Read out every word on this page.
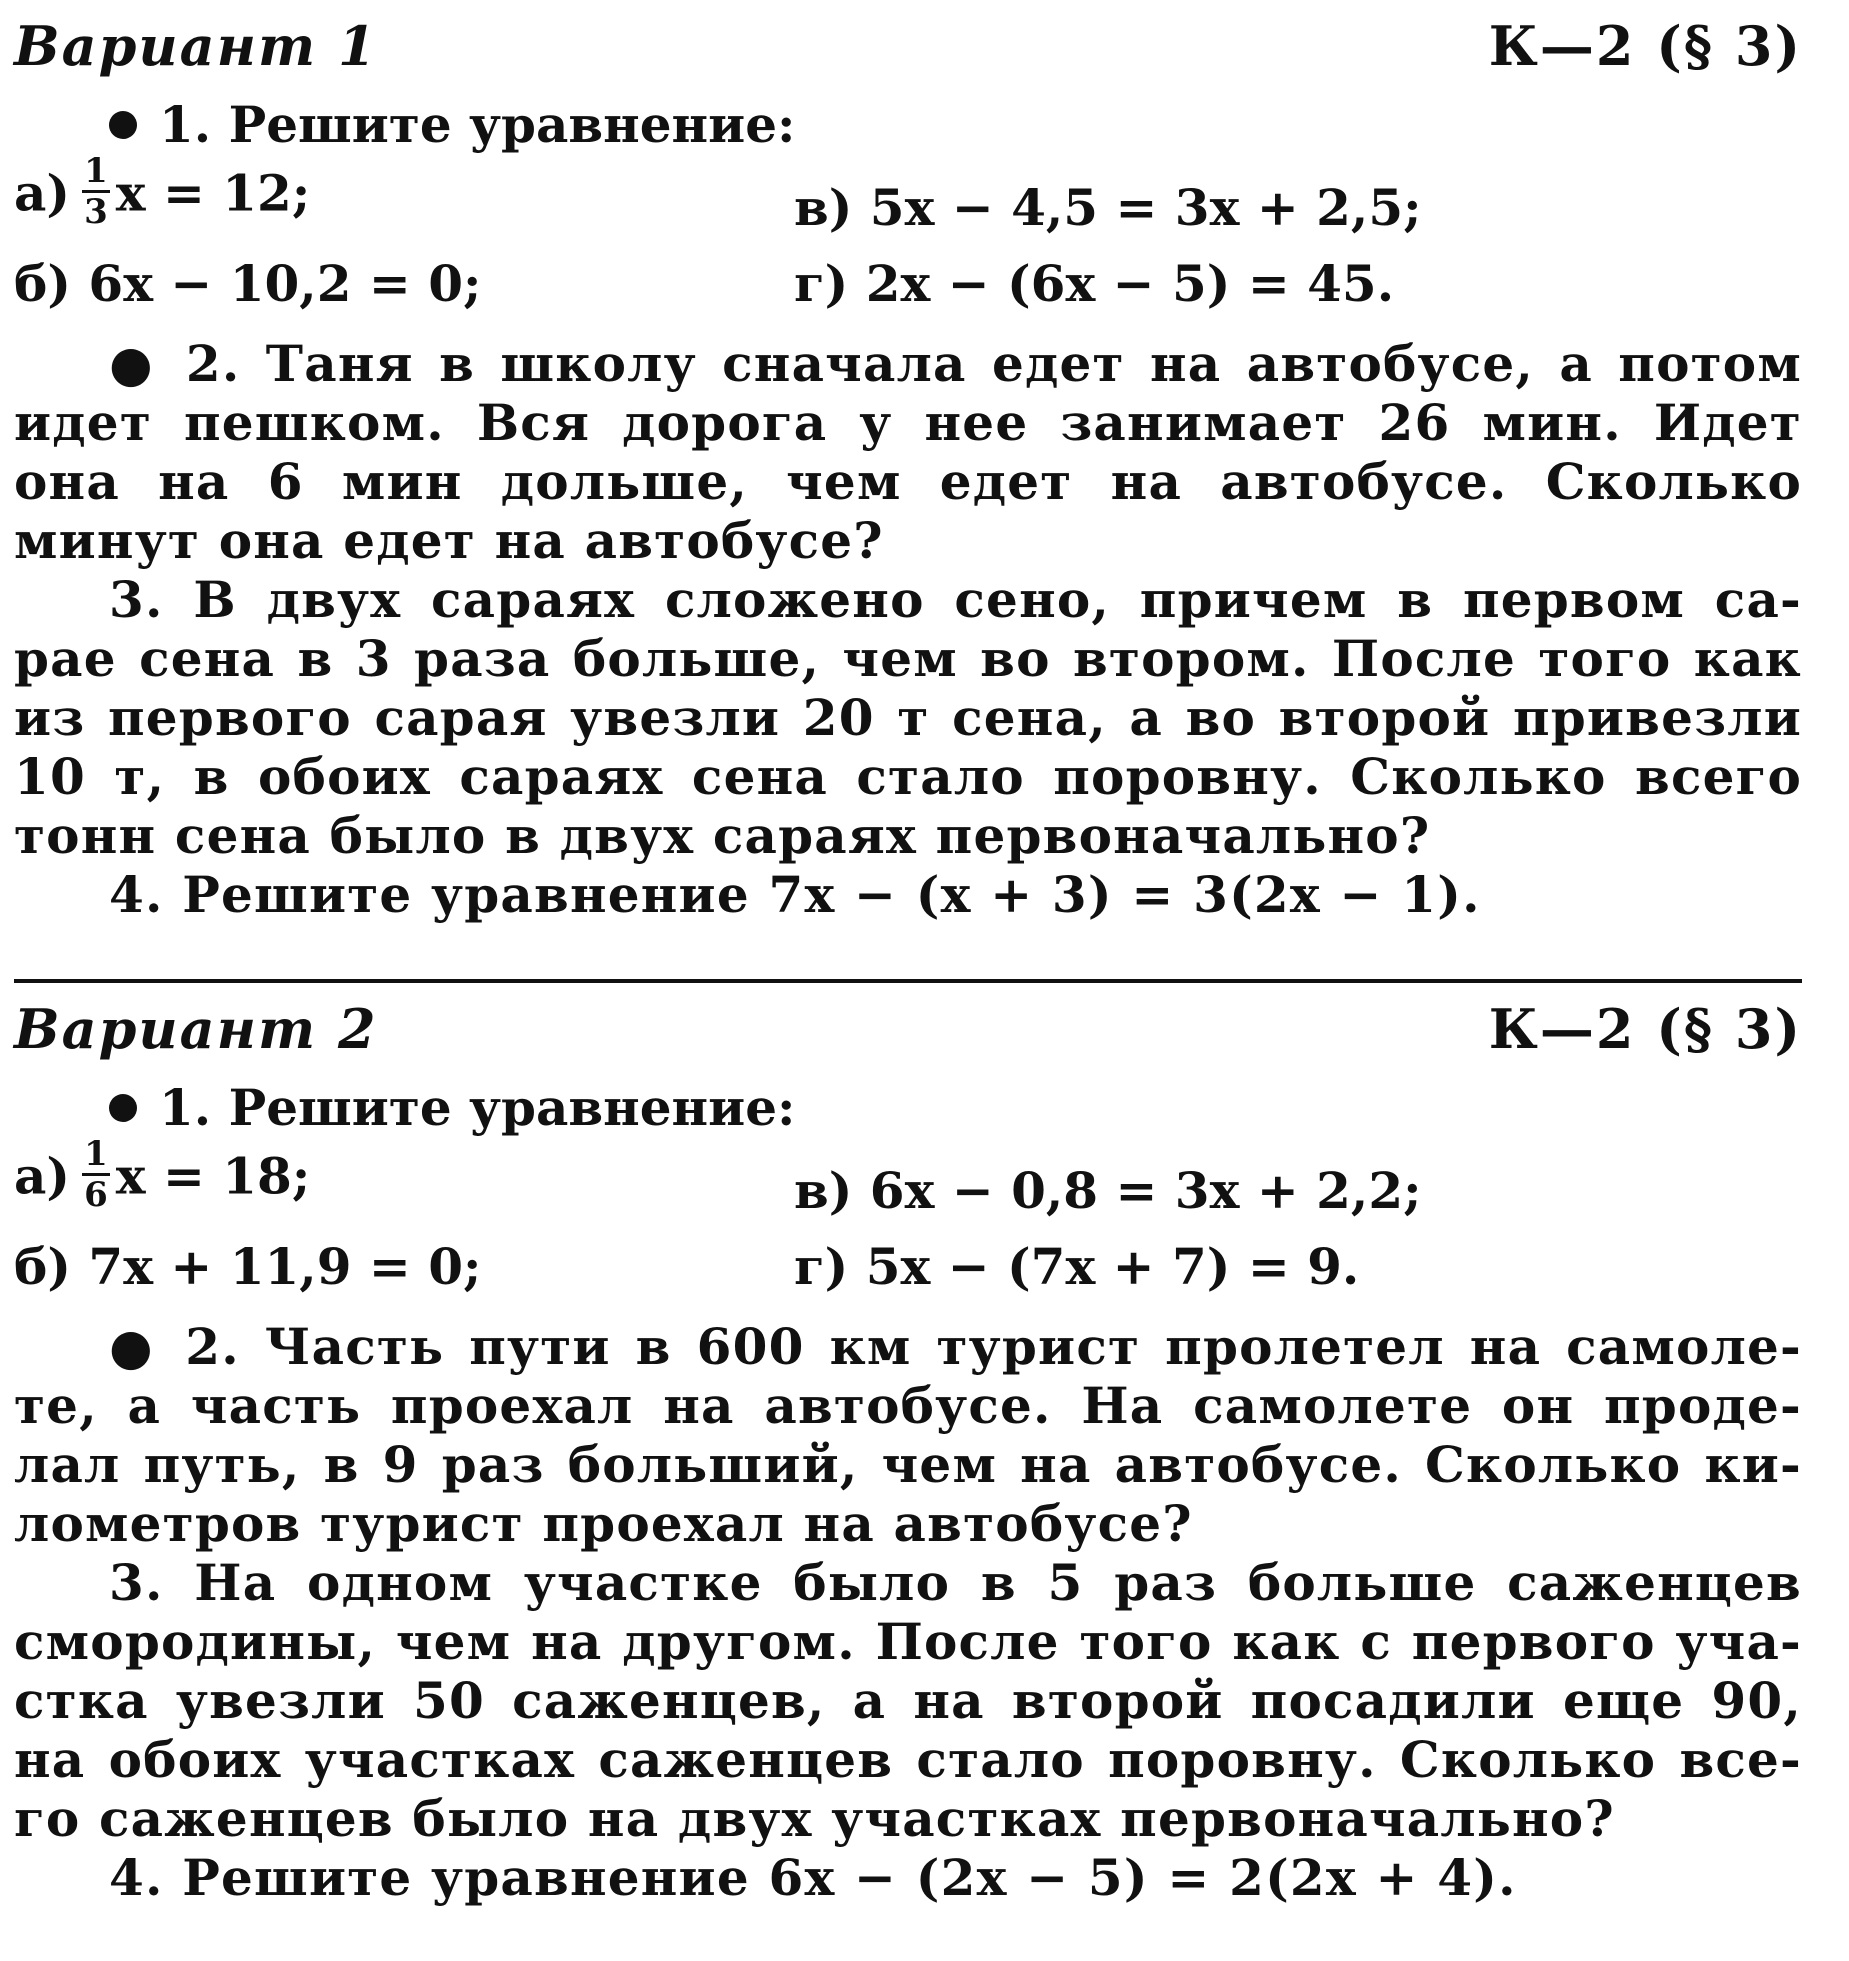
Вариант 1	К—2 (§ 3)
1. Решите уравнение:
$а) \frac{1}{3}$ x = 12;	в) 5x − 4,5 = 3x + 2,5;
б) 6x − 10,2 = 0;	г) 2x − (6x − 5) = 45.
● 2. Таня в школу сначала едет на автобусе, а потом
идет пешком. Вся дорога у нее занимает 26 мин. Идет
она на 6 мин дольше, чем едет на автобусе. Сколько
минут она едет на автобусе?
3. В двух сараях сложено сено, причем в первом са-
рае сена в 3 раза больше, чем во втором. После того как
из первого сарая увезли 20 т сена, а во второй привезли
10 т, в обоих сараях сена стало поровну. Сколько всего
тонн сена было в двух сараях первоначально?
4. Решите уравнение 7x − (x + 3) = 3(2x − 1).
Вариант 2	К—2 (§ 3)
1. Решите уравнение:
$а) \frac{1}{6}$ x = 18;	в) 6x − 0,8 = 3x + 2,2;
б) 7x + 11,9 = 0;	г) 5x − (7x + 7) = 9.
● 2. Часть пути в 600 км турист пролетел на самоле-
те, а часть проехал на автобусе. На самолете он проде-
лал путь, в 9 раз больший, чем на автобусе. Сколько ки-
лометров турист проехал на автобусе?
3. На одном участке было в 5 раз больше саженцев
смородины, чем на другом. После того как с первого уча-
стка увезли 50 саженцев, а на второй посадили еще 90,
на обоих участках саженцев стало поровну. Сколько все-
го саженцев было на двух участках первоначально?
4. Решите уравнение 6x − (2x − 5) = 2(2x + 4).
